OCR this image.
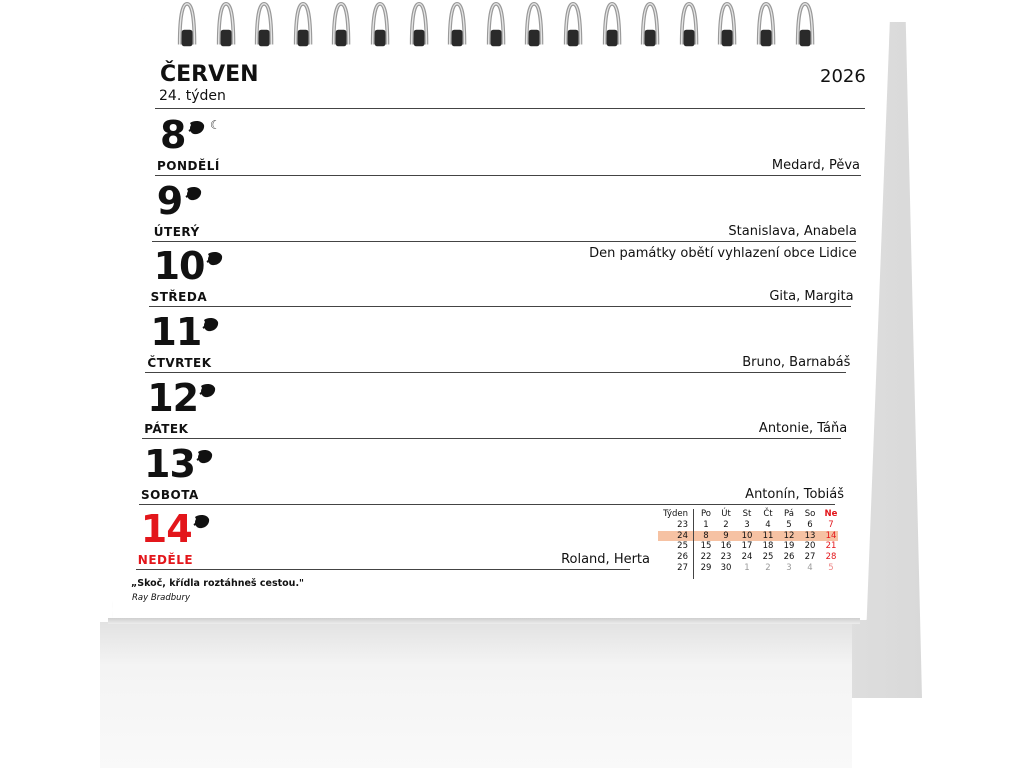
ČERVEN
24. týden
2026
8 ☾
PONDĚLÍ	Medard, Pěva
9
ÚTERÝ	Stanislava, Anabela
Den památky obětí vyhlazení obce Lidice
10
STŘEDA	Gita, Margita
11
ČTVRTEK	Bruno, Barnabáš
12
PÁTEK	Antonie, Táňa
13
SOBOTA	Antonín, Tobiáš
14
NEDĚLE	Roland, Herta
„Skoč, křídla roztáhneš cestou."
Ray Bradbury
Týden	Po	Út	St	Čt	Pá	So	Ne
23	1	2	3	4	5	6	7
24	8	9	10	11	12	13	14
25	15	16	17	18	19	20	21
26	22	23	24	25	26	27	28
27	29	30	1	2	3	4	5
